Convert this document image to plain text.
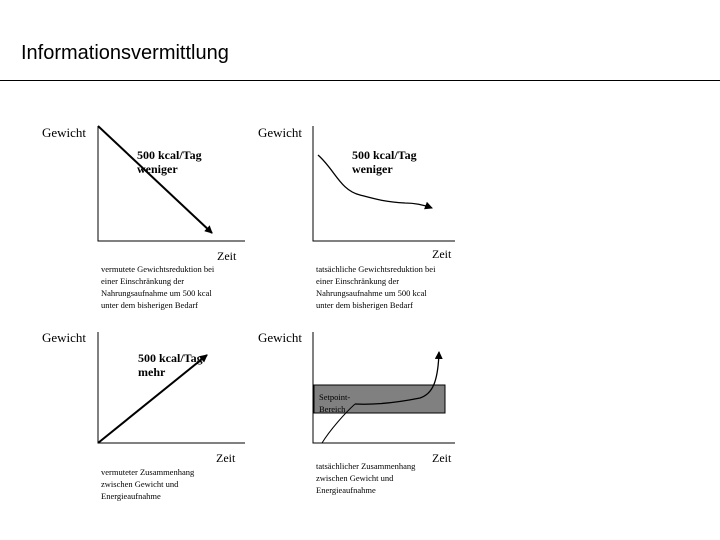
Informationsvermittlung
Gewicht
Zeit
500 kcal/Tag weniger
vermutete Gewichtsreduktion bei einer Einschränkung der Nahrungsaufnahme um 500 kcal unter dem bisherigen Bedarf
Gewicht
Zeit
500 kcal/Tag weniger
tatsächliche Gewichtsreduktion bei einer Einschränkung der Nahrungsaufnahme um 500 kcal unter dem bisherigen Bedarf
Gewicht
Zeit
500 kcal/Tag mehr
vermuteter Zusammenhang zwischen Gewicht und Energieaufnahme
Gewicht
Zeit
Setpoint-Bereich
tatsächlicher Zusammenhang zwischen Gewicht und Energieaufnahme
